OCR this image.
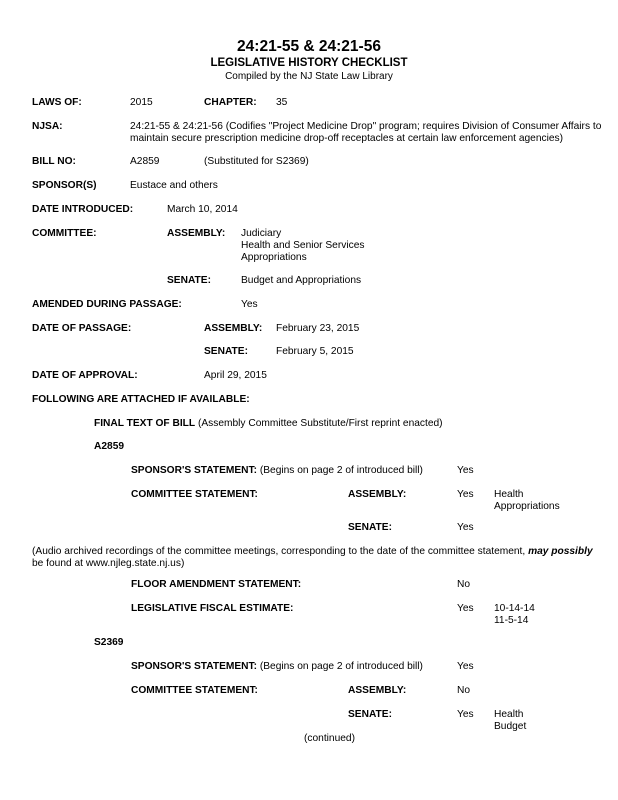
24:21-55 & 24:21-56
LEGISLATIVE HISTORY CHECKLIST
Compiled by the NJ State Law Library
LAWS OF:	2015	CHAPTER: 35
NJSA:	24:21-55 & 24:21-56 (Codifies "Project Medicine Drop" program; requires Division of Consumer Affairs to
maintain secure prescription medicine drop-off receptacles at certain law enforcement agencies)
BILL NO:	A2859	(Substituted for S2369)
SPONSOR(S)	Eustace and others
DATE INTRODUCED:	March 10, 2014
COMMITTEE:	ASSEMBLY: Judiciary
Health and Senior Services
Appropriations
SENATE:	Budget and Appropriations
AMENDED DURING PASSAGE:	Yes
DATE OF PASSAGE:	ASSEMBLY: February 23, 2015
SENATE:	February 5, 2015
DATE OF APPROVAL:	April 29, 2015
FOLLOWING ARE ATTACHED IF AVAILABLE:
FINAL TEXT OF BILL (Assembly Committee Substitute/First reprint enacted)
A2859
SPONSOR'S STATEMENT: (Begins on page 2 of introduced bill)	Yes
COMMITTEE STATEMENT:	ASSEMBLY:	Yes Health
Appropriations
SENATE:	Yes
(Audio archived recordings of the committee meetings, corresponding to the date of the committee statement, may possibly
be found at www.njleg.state.nj.us)
FLOOR AMENDMENT STATEMENT:	No
LEGISLATIVE FISCAL ESTIMATE:	Yes 10-14-14
11-5-14
S2369
SPONSOR'S STATEMENT: (Begins on page 2 of introduced bill)	Yes
COMMITTEE STATEMENT:	ASSEMBLY:	No
SENATE:	Yes Health
Budget
(continued)
